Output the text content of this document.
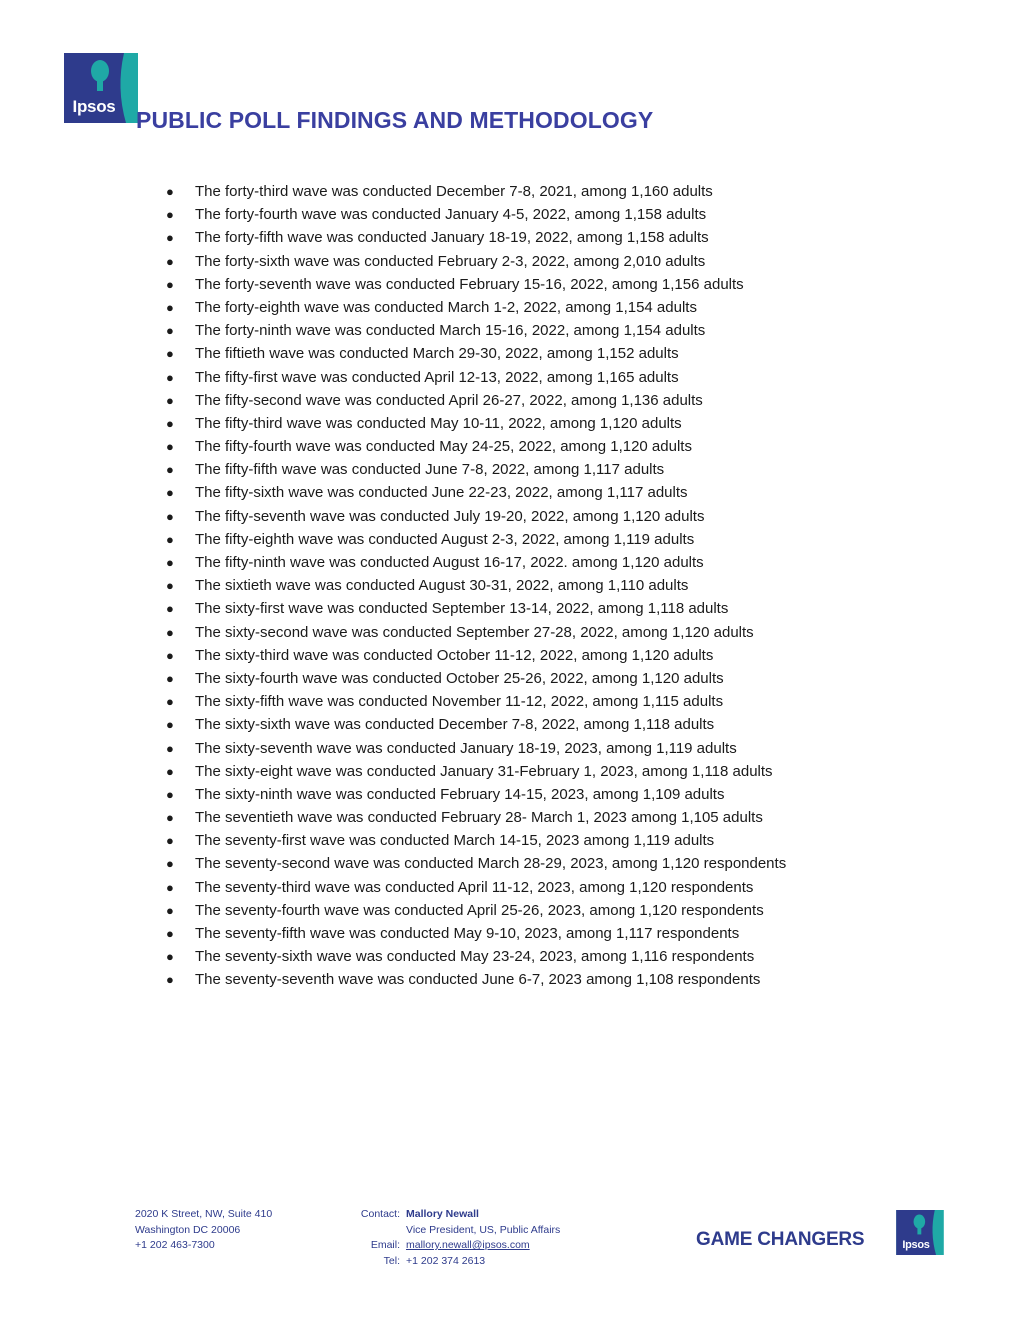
Ipsos
PUBLIC POLL FINDINGS AND METHODOLOGY
● The forty-third wave was conducted December 7-8, 2021, among 1,160 adults
● The forty-fourth wave was conducted January 4-5, 2022, among 1,158 adults
● The forty-fifth wave was conducted January 18-19, 2022, among 1,158 adults
● The forty-sixth wave was conducted February 2-3, 2022, among 2,010 adults
● The forty-seventh wave was conducted February 15-16, 2022, among 1,156 adults
● The forty-eighth wave was conducted March 1-2, 2022, among 1,154 adults
● The forty-ninth wave was conducted March 15-16, 2022, among 1,154 adults
● The fiftieth wave was conducted March 29-30, 2022, among 1,152 adults
● The fifty-first wave was conducted April 12-13, 2022, among 1,165 adults
● The fifty-second wave was conducted April 26-27, 2022, among 1,136 adults
● The fifty-third wave was conducted May 10-11, 2022, among 1,120 adults
● The fifty-fourth wave was conducted May 24-25, 2022, among 1,120 adults
● The fifty-fifth wave was conducted June 7-8, 2022, among 1,117 adults
● The fifty-sixth wave was conducted June 22-23, 2022, among 1,117 adults
● The fifty-seventh wave was conducted July 19-20, 2022, among 1,120 adults
● The fifty-eighth wave was conducted August 2-3, 2022, among 1,119 adults
● The fifty-ninth wave was conducted August 16-17, 2022. among 1,120 adults
● The sixtieth wave was conducted August 30-31, 2022, among 1,110 adults
● The sixty-first wave was conducted September 13-14, 2022, among 1,118 adults
● The sixty-second wave was conducted September 27-28, 2022, among 1,120 adults
● The sixty-third wave was conducted October 11-12, 2022, among 1,120 adults
● The sixty-fourth wave was conducted October 25-26, 2022, among 1,120 adults
● The sixty-fifth wave was conducted November 11-12, 2022, among 1,115 adults
● The sixty-sixth wave was conducted December 7-8, 2022, among 1,118 adults
● The sixty-seventh wave was conducted January 18-19, 2023, among 1,119 adults
● The sixty-eight wave was conducted January 31-February 1, 2023, among 1,118 adults
● The sixty-ninth wave was conducted February 14-15, 2023, among 1,109 adults
● The seventieth wave was conducted February 28- March 1, 2023 among 1,105 adults
● The seventy-first wave was conducted March 14-15, 2023 among 1,119 adults
● The seventy-second wave was conducted March 28-29, 2023, among 1,120 respondents
● The seventy-third wave was conducted April 11-12, 2023, among 1,120 respondents
● The seventy-fourth wave was conducted April 25-26, 2023, among 1,120 respondents
● The seventy-fifth wave was conducted May 9-10, 2023, among 1,117 respondents
● The seventy-sixth wave was conducted May 23-24, 2023, among 1,116 respondents
● The seventy-seventh wave was conducted June 6-7, 2023 among 1,108 respondents
2020 K Street, NW, Suite 410
Washington DC 20006
+1 202 463-7300
Contact: Mallory Newall
Vice President, US, Public Affairs
Email: mallory.newall@ipsos.com
Tel: +1 202 374 2613
GAME CHANGERS	Ipsos
